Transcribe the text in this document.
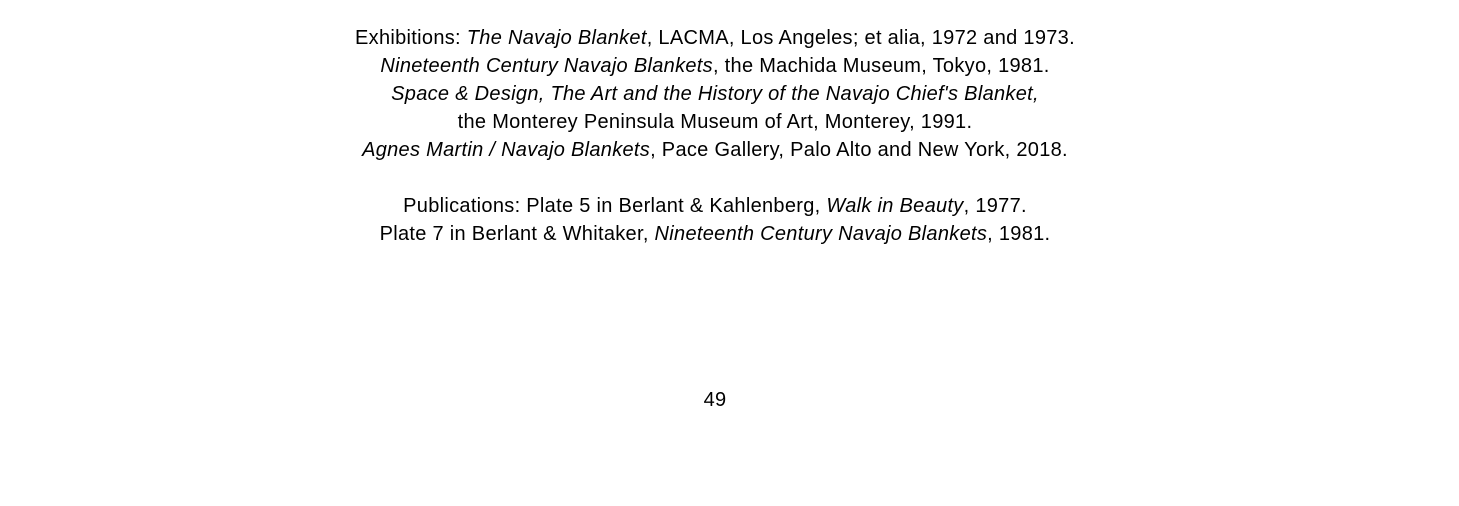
Exhibitions: The Navajo Blanket, LACMA, Los Angeles; et alia, 1972 and 1973.
Nineteenth Century Navajo Blankets, the Machida Museum, Tokyo, 1981.
Space & Design, The Art and the History of the Navajo Chief's Blanket,
the Monterey Peninsula Museum of Art, Monterey, 1991.
Agnes Martin / Navajo Blankets, Pace Gallery, Palo Alto and New York, 2018.
Publications: Plate 5 in Berlant & Kahlenberg, Walk in Beauty, 1977.
Plate 7 in Berlant & Whitaker, Nineteenth Century Navajo Blankets, 1981.
49
